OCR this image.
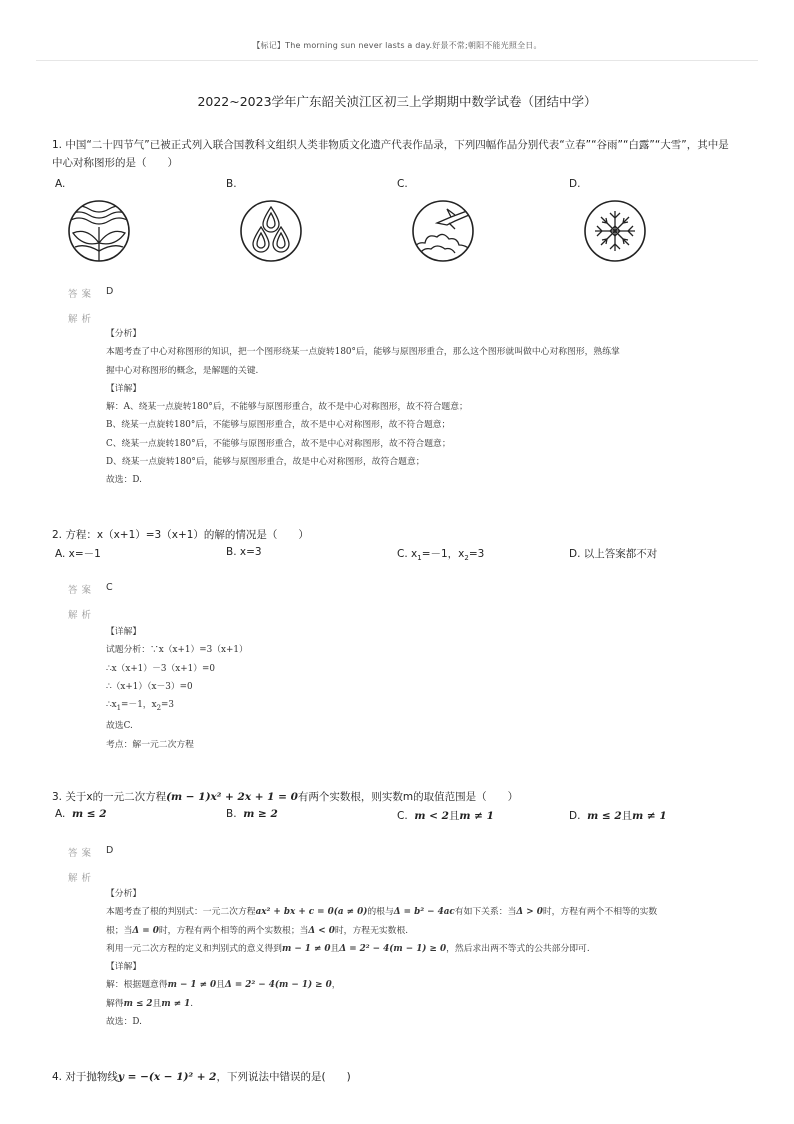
【标记】The morning sun never lasts a day.好景不常;朝阳不能光照全日。
2022~2023学年广东韶关浈江区初三上学期期中数学试卷（团结中学）
1. 中国“二十四节气”已被正式列入联合国教科文组织人类非物质文化遗产代表作品录，下列四幅作品分别代表“立春”“谷雨”“白露”“大雪”，其中是中心对称图形的是（　　）
A.	B.	C.	D.
答案 D
解析
【分析】
本题考查了中心对称图形的知识，把一个图形绕某一点旋转180°后，能够与原图形重合，那么这个图形就叫做中心对称图形，熟练掌
握中心对称图形的概念，是解题的关键.
【详解】
解：A、绕某一点旋转180°后，不能够与原图形重合，故不是中心对称图形，故不符合题意；
B、绕某一点旋转180°后，不能够与原图形重合，故不是中心对称图形，故不符合题意；
C、绕某一点旋转180°后，不能够与原图形重合，故不是中心对称图形，故不符合题意；
D、绕某一点旋转180°后，能够与原图形重合，故是中心对称图形，故符合题意；
故选：D.
2. 方程：x（x+1）=3（x+1）的解的情况是（　　）
A. x=－1	B. x=3	C. $x_1=-1$，$x_2=3$	D. 以上答案都不对
答案 C
解析
【详解】
试题分析：∵x（x+1）=3（x+1）
∴x（x+1）－3（x+1）=0
∴（x+1）（x－3）=0
$\therefore x_1=-1$，$x_2=3$
故选C.
考点：解一元二次方程
3. 关于x的一元二次方程(m − 1)x² + 2x + 1 = 0有两个实数根，则实数m的取值范围是（　　）
A. m ≤ 2	B. m ≥ 2	C. m < 2且m ≠ 1	D. m ≤ 2且m ≠ 1
答案 D
解析
【分析】
本题考查了根的判别式：一元二次方程ax² + bx + c = 0(a ≠ 0)的根与Δ = b² − 4ac有如下关系：当Δ > 0时，方程有两个不相等的实数
根；当Δ = 0时，方程有两个相等的两个实数根；当Δ < 0时，方程无实数根.
利用一元二次方程的定义和判别式的意义得到m − 1 ≠ 0且Δ = 2² − 4(m − 1) ≥ 0，然后求出两不等式的公共部分即可.
【详解】
解：根据题意得m − 1 ≠ 0且Δ = 2² − 4(m − 1) ≥ 0，
解得m ≤ 2且m ≠ 1.
故选：D.
4. 对于抛物线y = −(x − 1)² + 2，下列说法中错误的是(　　)
